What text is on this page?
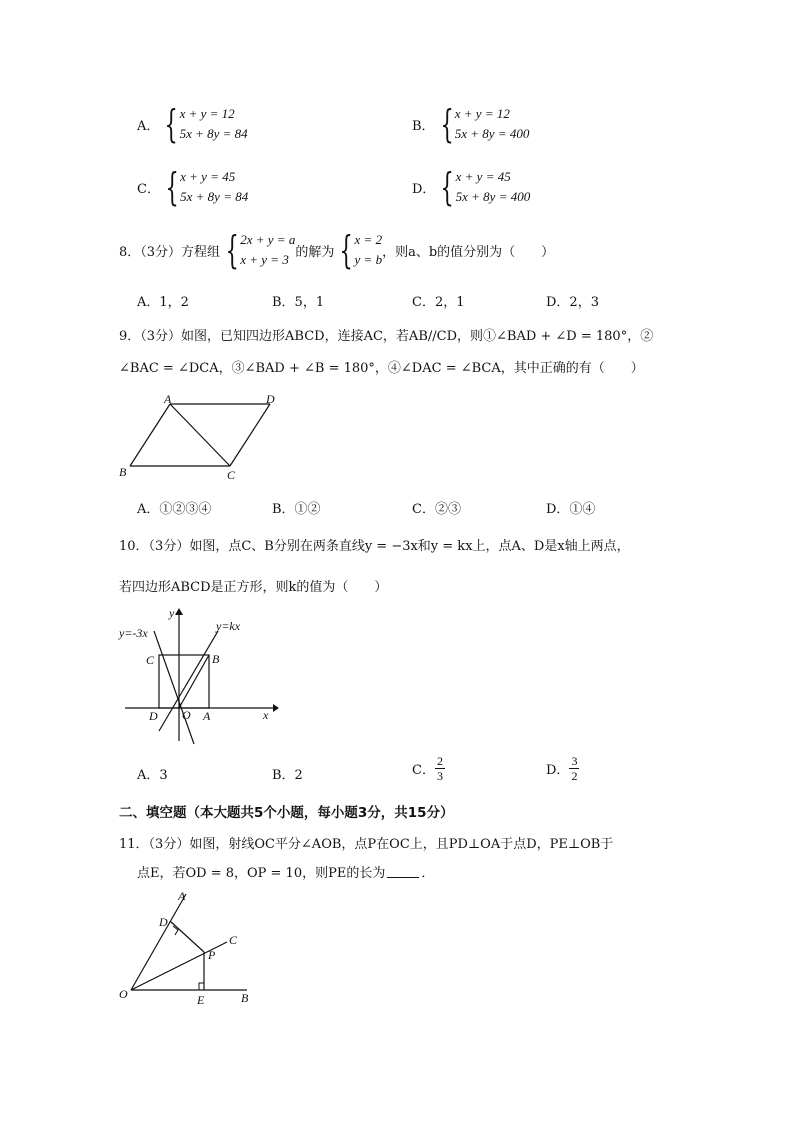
A． { x + y = 12
5x + 8y = 84	B． { x + y = 12
5x + 8y = 400
C． { x + y = 45
5x + 8y = 84	D． { x + y = 45
5x + 8y = 400
8．（3分）方程组 { 2x + y = a
x + y = 3 的解为 { x = 2
y = b ，则a、b的值分别为（　　）
A．1，2	B．5，1	C．2，1	D．2，3
9．（3分）如图，已知四边形ABCD，连接AC，若AB//CD，则①∠BAD + ∠D = 180°，②
∠BAC = ∠DCA，③∠BAD + ∠B = 180°，④∠DAC = ∠BCA，其中正确的有（　　）
A	D
B	C
A．①②③④	B．①②	C．②③	D．①④
10．（3分）如图，点C、B分别在两条直线y = −3x和y = kx上，点A、D是x轴上两点，
若四边形ABCD是正方形，则k的值为（　　）
y
x
y=-3x	y=kx
C	B
D O A
A．3	B．2	C． $\frac{2}{3}$	D． $\frac{3}{2}$
二、填空题（本大题共5个小题，每小题3分，共15分）
11．（3分）如图，射线OC平分∠AOB，点P在OC上，且PD⊥OA于点D，PE⊥OB于
点E，若OD = 8，OP = 10，则PE的长为	．
A
D
C
P
O	E	B
